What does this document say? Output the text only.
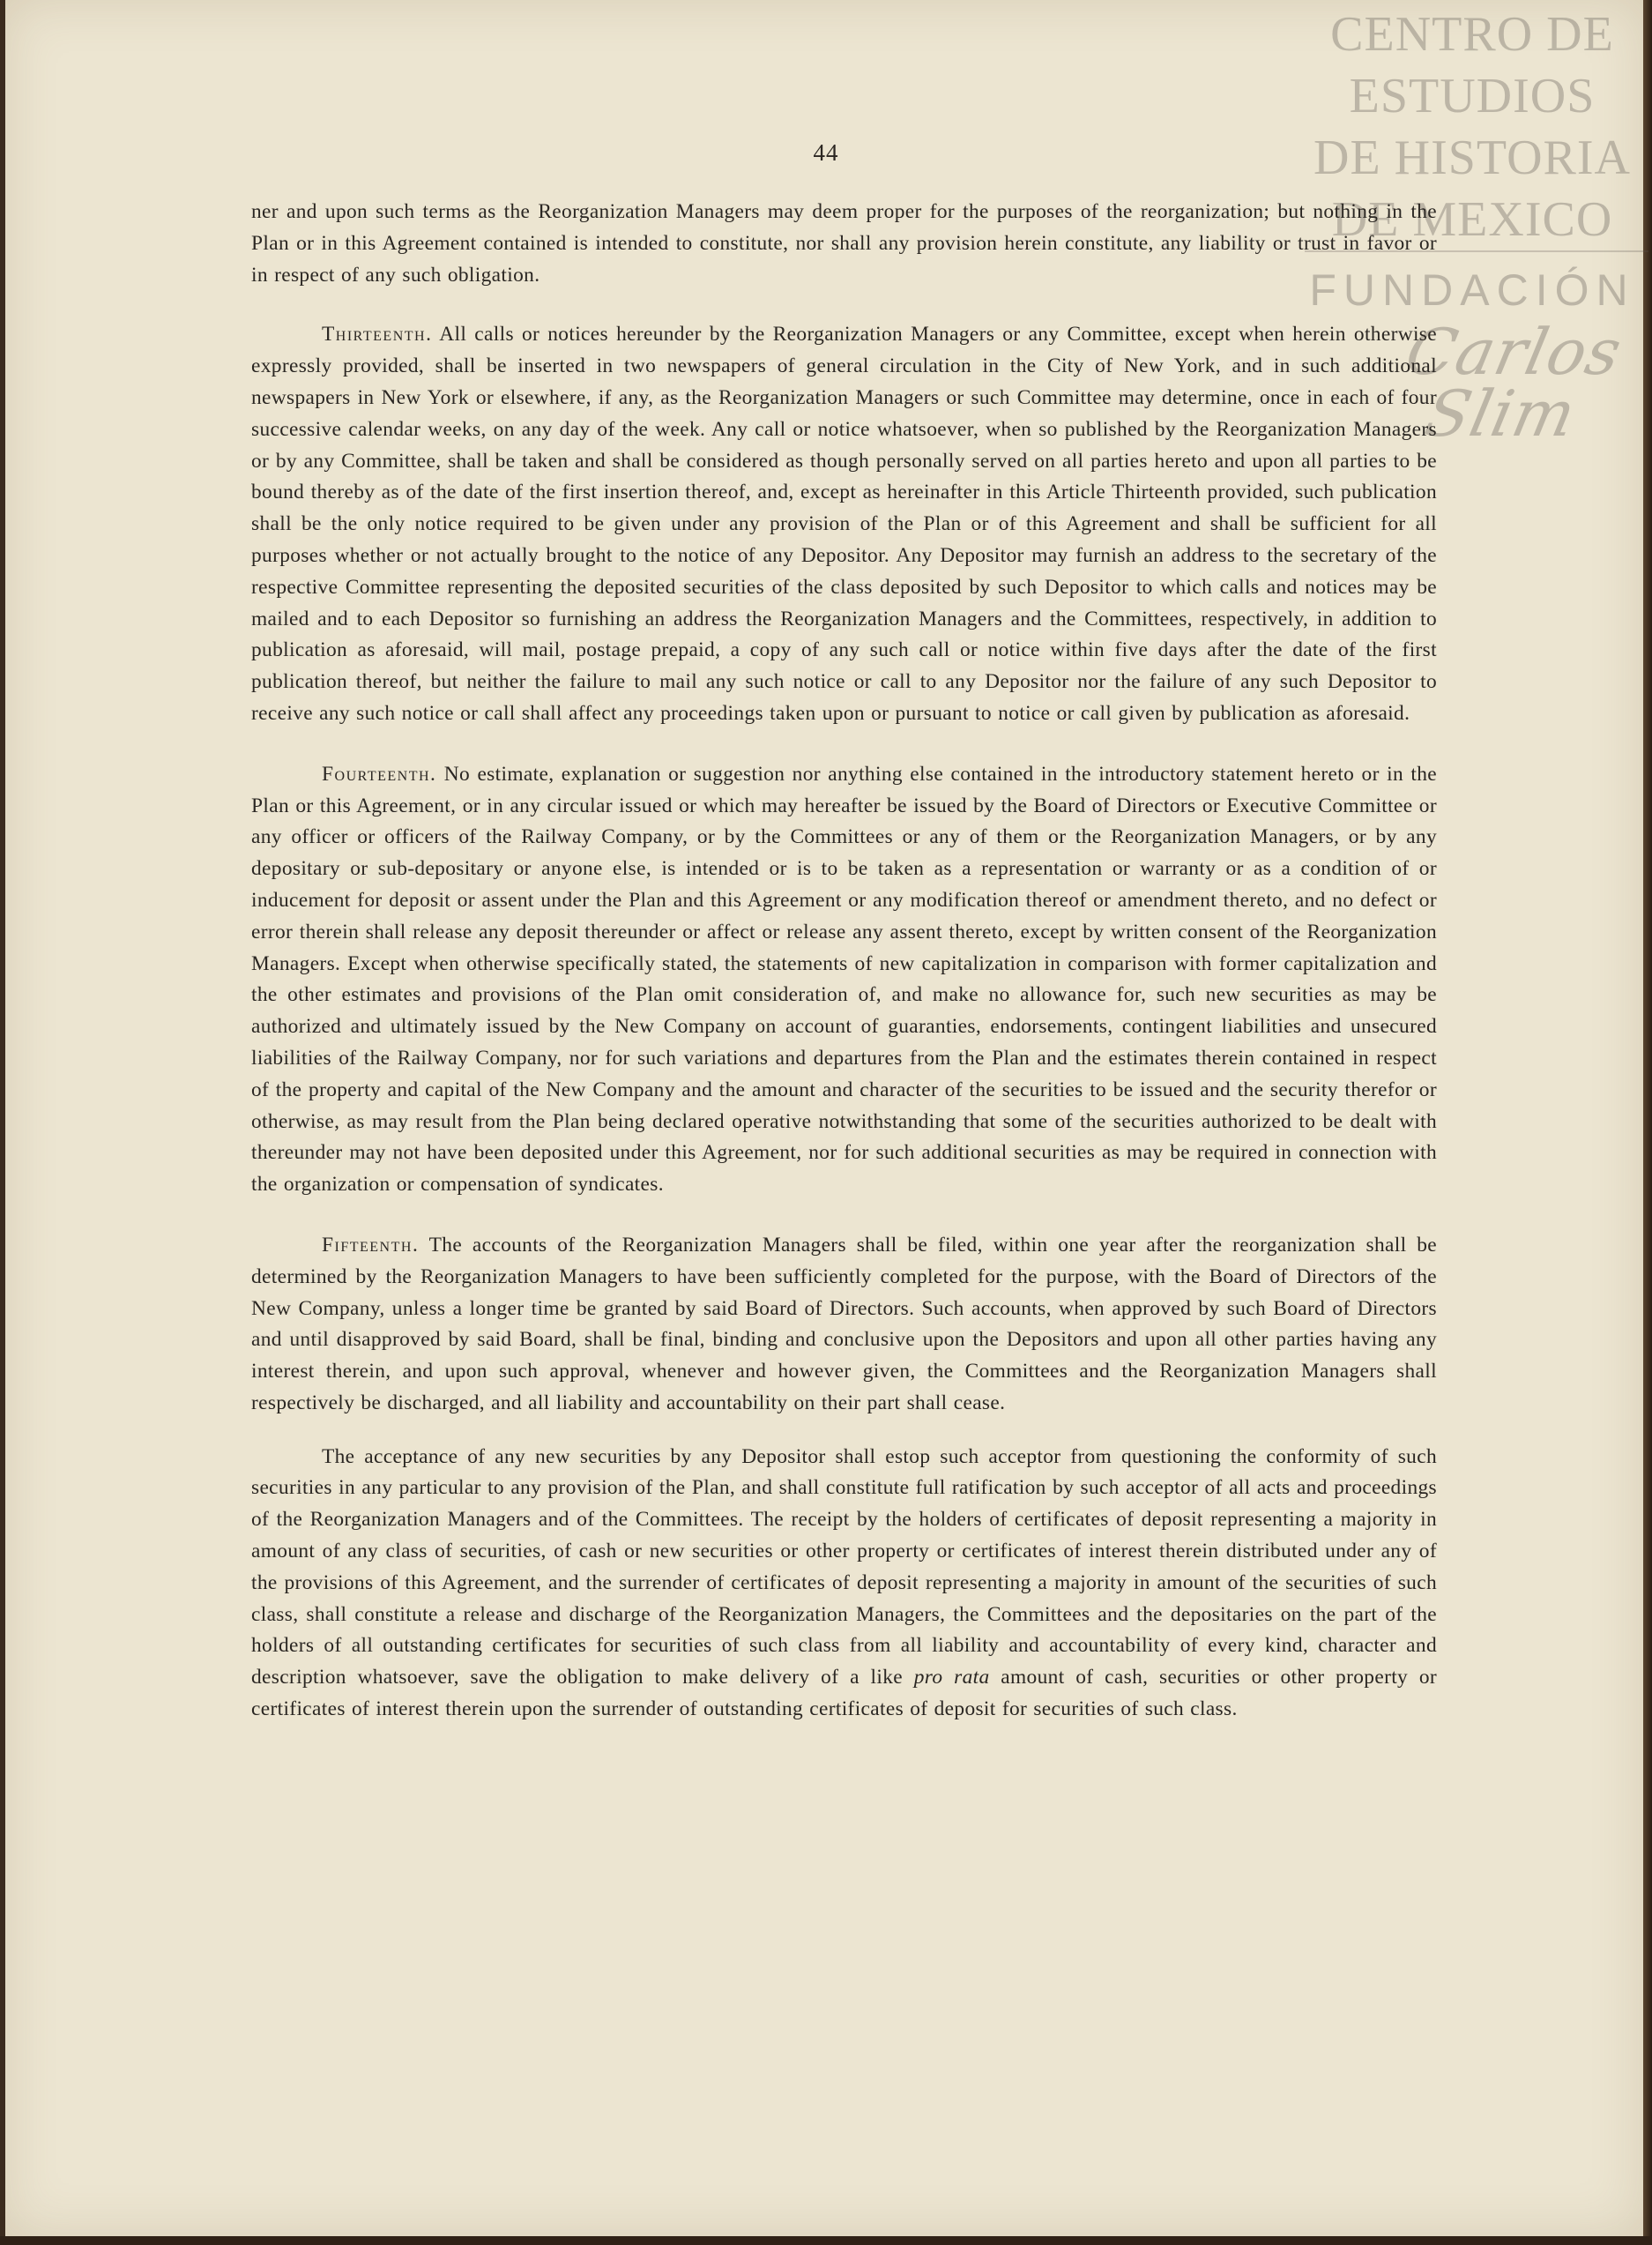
CENTRO DE
ESTUDIOS
DE HISTORIA
DE MEXICO
FUNDACIÓN
Carlos Slim
44

ner and upon such terms as the Reorganization Managers may deem proper for the purposes of the reorganization; but nothing in the Plan or in this Agreement contained is intended to constitute, nor shall any provision herein constitute, any liability or trust in favor or in respect of any such obligation.

Thirteenth. All calls or notices hereunder by the Reorganization Managers or any Committee, except when herein otherwise expressly provided, shall be inserted in two newspapers of general circulation in the City of New York, and in such additional newspapers in New York or elsewhere, if any, as the Reorganization Managers or such Committee may determine, once in each of four successive calendar weeks, on any day of the week. Any call or notice whatsoever, when so published by the Reorganization Managers or by any Committee, shall be taken and shall be considered as though personally served on all parties hereto and upon all parties to be bound thereby as of the date of the first insertion thereof, and, except as hereinafter in this Article Thirteenth provided, such publication shall be the only notice required to be given under any provision of the Plan or of this Agreement and shall be sufficient for all purposes whether or not actually brought to the notice of any Depositor. Any Depositor may furnish an address to the secretary of the respective Committee representing the deposited securities of the class deposited by such Depositor to which calls and notices may be mailed and to each Depositor so furnishing an address the Reorganization Managers and the Committees, respectively, in addition to publication as aforesaid, will mail, postage prepaid, a copy of any such call or notice within five days after the date of the first publication thereof, but neither the failure to mail any such notice or call to any Depositor nor the failure of any such Depositor to receive any such notice or call shall affect any proceedings taken upon or pursuant to notice or call given by publication as aforesaid.

Fourteenth. No estimate, explanation or suggestion nor anything else contained in the introductory statement hereto or in the Plan or this Agreement, or in any circular issued or which may hereafter be issued by the Board of Directors or Executive Committee or any officer or officers of the Railway Company, or by the Committees or any of them or the Reorganization Managers, or by any depositary or sub-depositary or anyone else, is intended or is to be taken as a representation or warranty or as a condition of or inducement for deposit or assent under the Plan and this Agreement or any modification thereof or amendment thereto, and no defect or error therein shall release any deposit thereunder or affect or release any assent thereto, except by written consent of the Reorganization Managers. Except when otherwise specifically stated, the statements of new capitalization in comparison with former capitalization and the other estimates and provisions of the Plan omit consideration of, and make no allowance for, such new securities as may be authorized and ultimately issued by the New Company on account of guaranties, endorsements, contingent liabilities and unsecured liabilities of the Railway Company, nor for such variations and departures from the Plan and the estimates therein contained in respect of the property and capital of the New Company and the amount and character of the securities to be issued and the security therefor or otherwise, as may result from the Plan being declared operative notwithstanding that some of the securities authorized to be dealt with thereunder may not have been deposited under this Agreement, nor for such additional securities as may be required in connection with the organization or compensation of syndicates.

Fifteenth. The accounts of the Reorganization Managers shall be filed, within one year after the reorganization shall be determined by the Reorganization Managers to have been sufficiently completed for the purpose, with the Board of Directors of the New Company, unless a longer time be granted by said Board of Directors. Such accounts, when approved by such Board of Directors and until disapproved by said Board, shall be final, binding and conclusive upon the Depositors and upon all other parties having any interest therein, and upon such approval, whenever and however given, the Committees and the Reorganization Managers shall respectively be discharged, and all liability and accountability on their part shall cease.

The acceptance of any new securities by any Depositor shall estop such acceptor from questioning the conformity of such securities in any particular to any provision of the Plan, and shall constitute full ratification by such acceptor of all acts and proceedings of the Reorganization Managers and of the Committees. The receipt by the holders of certificates of deposit representing a majority in amount of any class of securities, of cash or new securities or other property or certificates of interest therein distributed under any of the provisions of this Agreement, and the surrender of certificates of deposit representing a majority in amount of the securities of such class, shall constitute a release and discharge of the Reorganization Managers, the Committees and the depositaries on the part of the holders of all outstanding certificates for securities of such class from all liability and accountability of every kind, character and description whatsoever, save the obligation to make delivery of a like pro rata amount of cash, securities or other property or certificates of interest therein upon the surrender of outstanding certificates of deposit for securities of such class.
